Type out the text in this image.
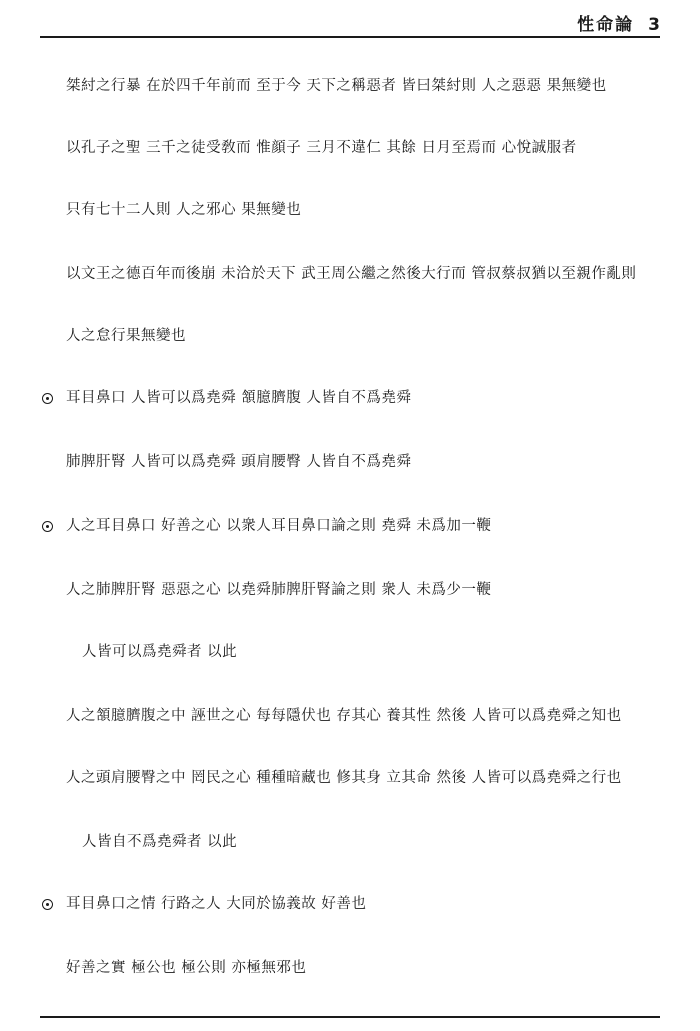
性命論 3
桀紂之行暴 在於四千年前而 至于今 天下之稱惡者 皆曰桀紂則 人之惡惡 果無變也
以孔子之聖 三千之徒受敎而 惟顔子 三月不違仁 其餘 日月至焉而 心悅誠服者
只有七十二人則 人之邪心 果無變也
以文王之德百年而後崩 未洽於天下 武王周公繼之然後大行而 管叔蔡叔猶以至親作亂則
人之怠行果無變也
耳目鼻口 人皆可以爲堯舜 頷臆臍腹 人皆自不爲堯舜
肺脾肝腎 人皆可以爲堯舜 頭肩腰臀 人皆自不爲堯舜
人之耳目鼻口 好善之心 以衆人耳目鼻口論之則 堯舜 未爲加一鞭
人之肺脾肝腎 惡惡之心 以堯舜肺脾肝腎論之則 衆人 未爲少一鞭
人皆可以爲堯舜者 以此
人之頷臆臍腹之中 誣世之心 每每隱伏也 存其心 養其性 然後 人皆可以爲堯舜之知也
人之頭肩腰臀之中 罔民之心 種種暗藏也 修其身 立其命 然後 人皆可以爲堯舜之行也
人皆自不爲堯舜者 以此
耳目鼻口之情 行路之人 大同於協義故 好善也
好善之實 極公也 極公則 亦極無邪也
